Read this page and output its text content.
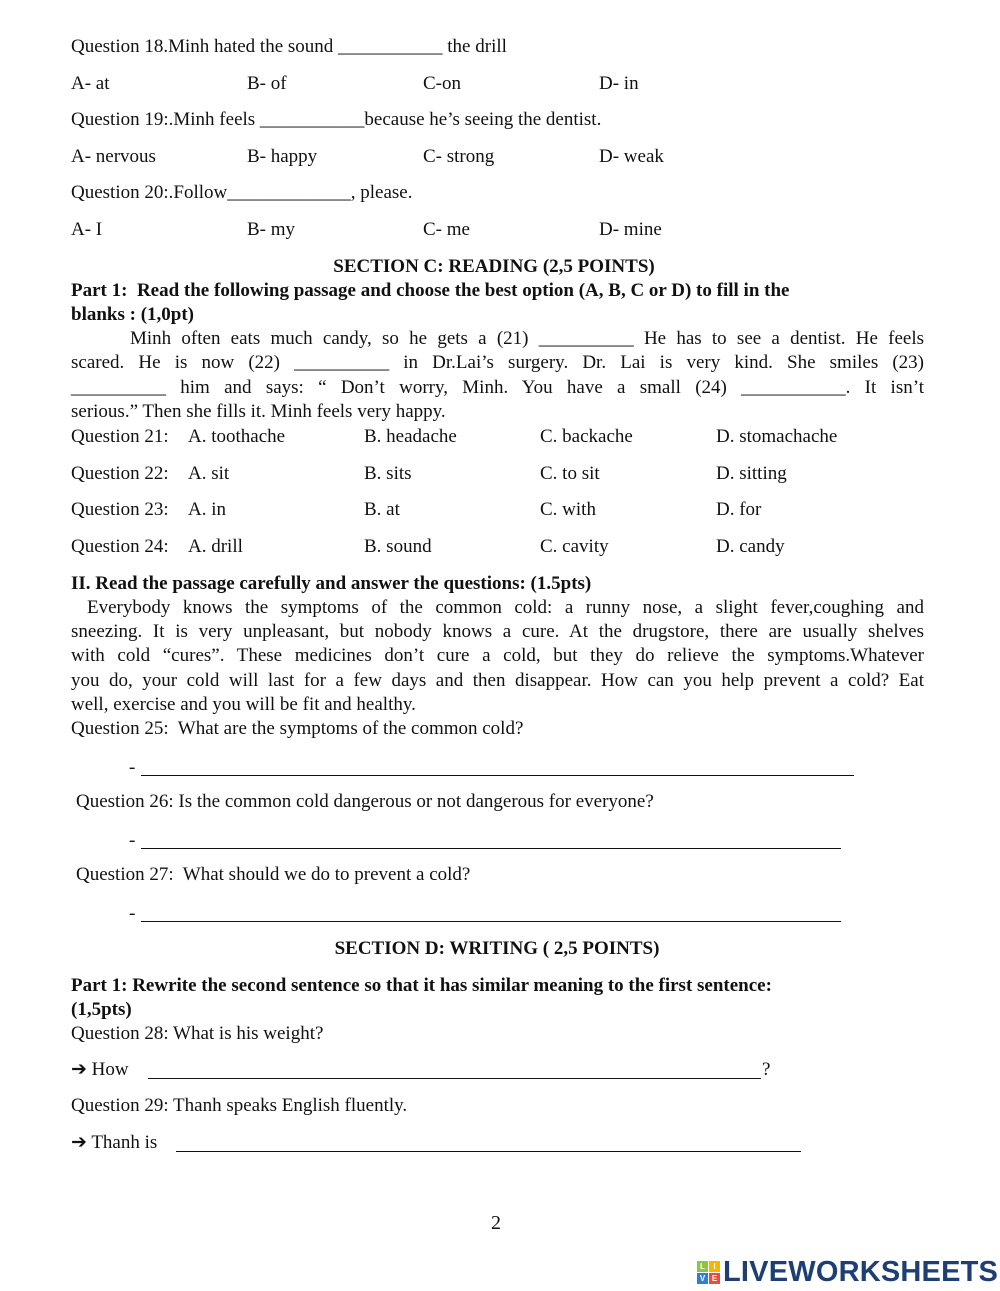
Question 18.Minh hated the sound ___________ the drill
A- at	B- of	C-on	D- in
Question 19:.Minh feels ___________because he’s seeing the dentist.
A- nervous	B- happy	C- strong	D- weak
Question 20:.Follow_____________, please.
A- I	B- my	C- me	D- mine
SECTION C: READING (2,5 POINTS)
Part 1:  Read the following passage and choose the best option (A, B, C or D) to fill in the
blanks : (1,0pt)
Minh often eats much candy, so he gets a (21) __________ He has to see a dentist. He feels
scared. He is now (22) __________ in Dr.Lai’s surgery. Dr. Lai is very kind. She smiles (23)
__________ him and says: “ Don’t worry, Minh. You have a small (24) ___________. It isn’t
serious.” Then she fills it. Minh feels very happy.
Question 21: A. toothache	B. headache	C. backache	D. stomachache
Question 22: A. sit	B. sits	C. to sit	D. sitting
Question 23: A. in	B. at	C. with	D. for
Question 24: A. drill	B. sound	C. cavity	D. candy
II. Read the passage carefully and answer the questions: (1.5pts)
Everybody knows the symptoms of the common cold: a runny nose, a slight fever,coughing and
sneezing. It is very unpleasant, but nobody knows a cure. At the drugstore, there are usually shelves
with cold “cures”. These medicines don’t cure a cold, but they do relieve the symptoms.Whatever
you do, your cold will last for a few days and then disappear. How can you help prevent a cold? Eat
well, exercise and you will be fit and healthy.
Question 25:  What are the symptoms of the common cold?
-
Question 26: Is the common cold dangerous or not dangerous for everyone?
-
Question 27:  What should we do to prevent a cold?
-
SECTION D: WRITING ( 2,5 POINTS)
Part 1: Rewrite the second sentence so that it has similar meaning to the first sentence:
(1,5pts)
Question 28: What is his weight?
➔ How	?
Question 29: Thanh speaks English fluently.
➔ Thanh is
2
L	I
V E LIVEWORKSHEETS
